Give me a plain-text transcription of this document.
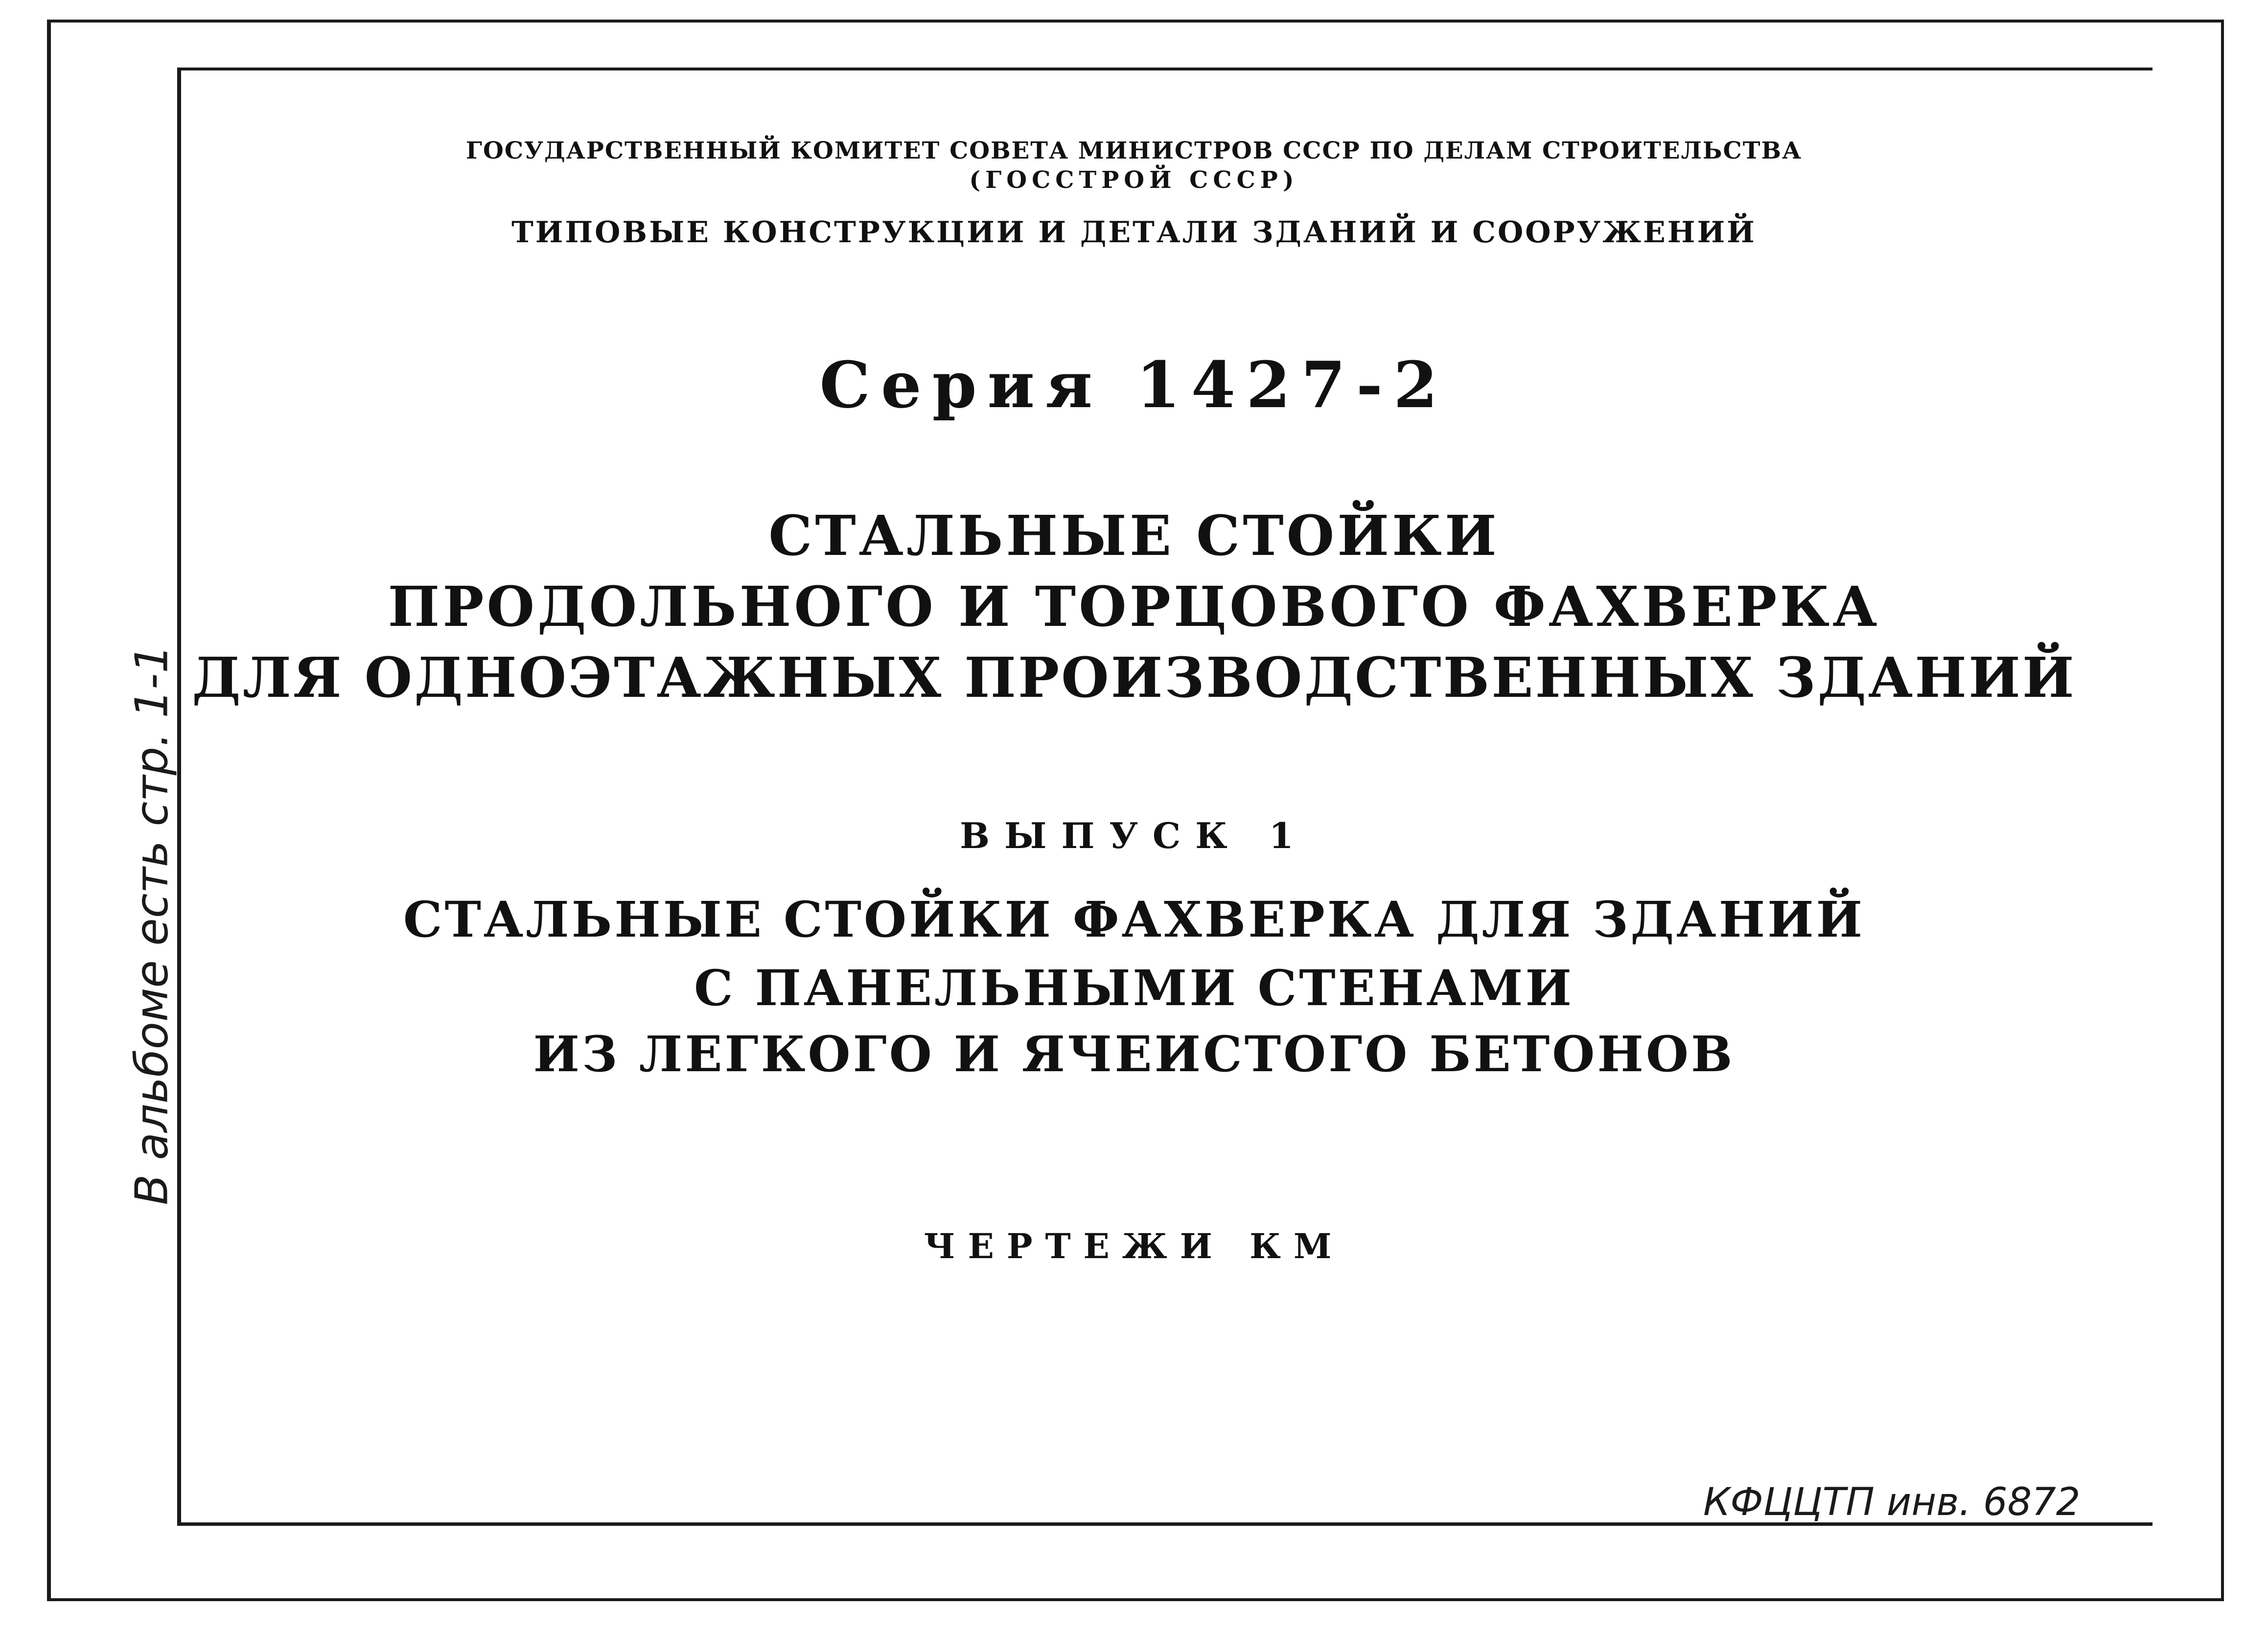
ГОСУДАРСТВЕННЫЙ КОМИТЕТ СОВЕТА МИНИСТРОВ СССР ПО ДЕЛАМ СТРОИТЕЛЬСТВА
(ГОССТРОЙ СССР)
ТИПОВЫЕ КОНСТРУКЦИИ И ДЕТАЛИ ЗДАНИЙ И СООРУЖЕНИЙ
Серия 1427-2
СТАЛЬНЫЕ СТОЙКИ
ПРОДОЛЬНОГО И ТОРЦОВОГО ФАХВЕРКА
ДЛЯ ОДНОЭТАЖНЫХ ПРОИЗВОДСТВЕННЫХ ЗДАНИЙ
ВЫПУСК 1
СТАЛЬНЫЕ СТОЙКИ ФАХВЕРКА ДЛЯ ЗДАНИЙ
С ПАНЕЛЬНЫМИ СТЕНАМИ
ИЗ ЛЕГКОГО И ЯЧЕИСТОГО БЕТОНОВ
ЧЕРТЕЖИ КМ
В альбоме есть стр. 1-1
КФЦЦТП инв. 6872
